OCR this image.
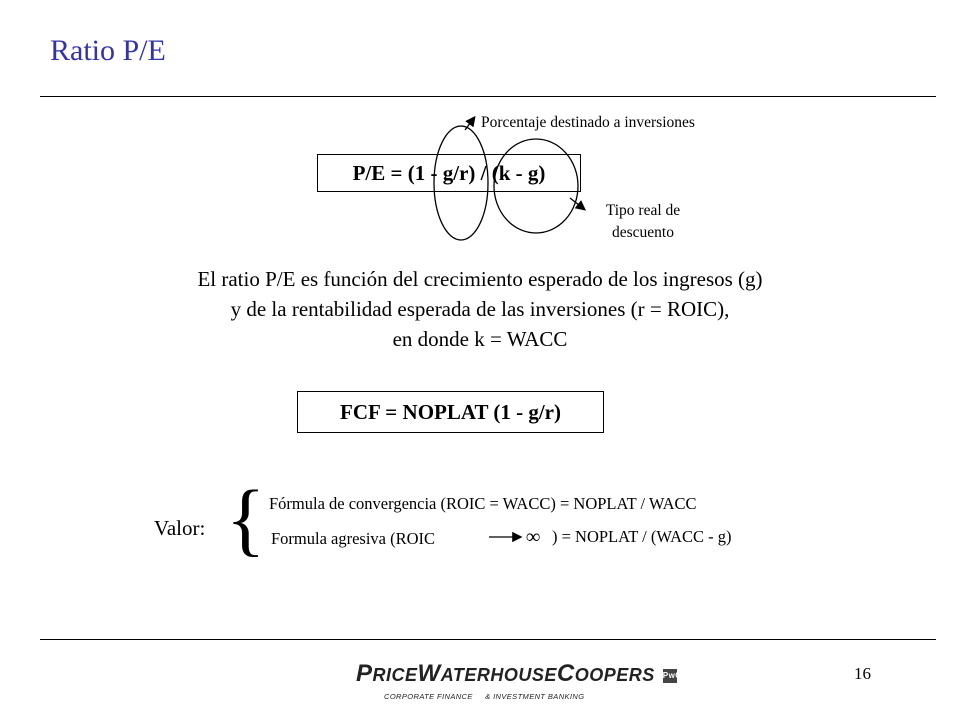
Ratio P/E
P/E = (1 - g/r) / (k - g)
Porcentaje destinado a inversiones
Tipo real de
descuento
El ratio P/E es función del crecimiento esperado de los ingresos (g)
y de la rentabilidad esperada de las inversiones (r = ROIC),
en donde k = WACC
FCF = NOPLAT (1 - g/r)
Valor: { Fórmula de convergencia (ROIC = WACC) = NOPLAT / WACC
Formula agresiva (ROIC	∞ ) = NOPLAT / (WACC - g)
PRICEWATERHOUSECOOPERS PwC
CORPORATE FINANCE & INVESTMENT BANKING
16
